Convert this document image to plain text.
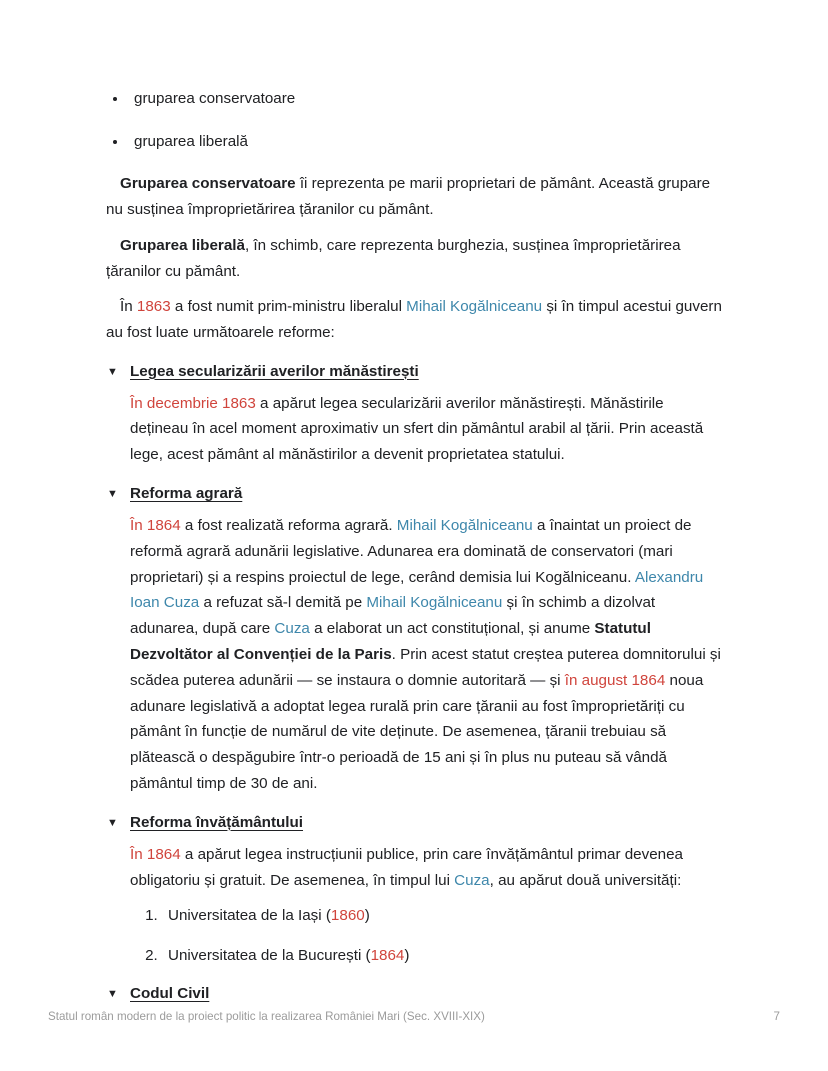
gruparea conservatoare
gruparea liberală

Gruparea conservatoare îi reprezenta pe marii proprietari de pământ. Această grupare nu susținea împroprietărirea țăranilor cu pământ.

Gruparea liberală, în schimb, care reprezenta burghezia, susținea împroprietărirea țăranilor cu pământ.

În 1863 a fost numit prim-ministru liberalul Mihail Kogălniceanu și în timpul acestui guvern au fost luate următoarele reforme:

▼ Legea secularizării averilor mănăstirești

În decembrie 1863 a apărut legea secularizării averilor mănăstirești. Mănăstirile dețineau în acel moment aproximativ un sfert din pământul arabil al țării. Prin această lege, acest pământ al mănăstirilor a devenit proprietatea statului.

▼ Reforma agrară

În 1864 a fost realizată reforma agrară. Mihail Kogălniceanu a înaintat un proiect de reformă agrară adunării legislative. Adunarea era dominată de conservatori (mari proprietari) și a respins proiectul de lege, cerând demisia lui Kogălniceanu. Alexandru Ioan Cuza a refuzat să-l demită pe Mihail Kogălniceanu și în schimb a dizolvat adunarea, după care Cuza a elaborat un act constituțional, și anume Statutul Dezvoltător al Convenției de la Paris. Prin acest statut creștea puterea domnitorului și scădea puterea adunării — se instaura o domnie autoritară — și în august 1864 noua adunare legislativă a adoptat legea rurală prin care țăranii au fost împroprietăriți cu pământ în funcție de numărul de vite deținute. De asemenea, țăranii trebuiau să plătească o despăgubire într-o perioadă de 15 ani și în plus nu puteau să vândă pământul timp de 30 de ani.

▼ Reforma învățământului

În 1864 a apărut legea instrucțiunii publice, prin care învățământul primar devenea obligatoriu și gratuit. De asemenea, în timpul lui Cuza, au apărut două universități:

1. Universitatea de la Iași (1860)
2. Universitatea de la București (1864)
▼ Codul Civil
Statul român modern de la proiect politic la realizarea României Mari (Sec. XVIII-XIX)	7
